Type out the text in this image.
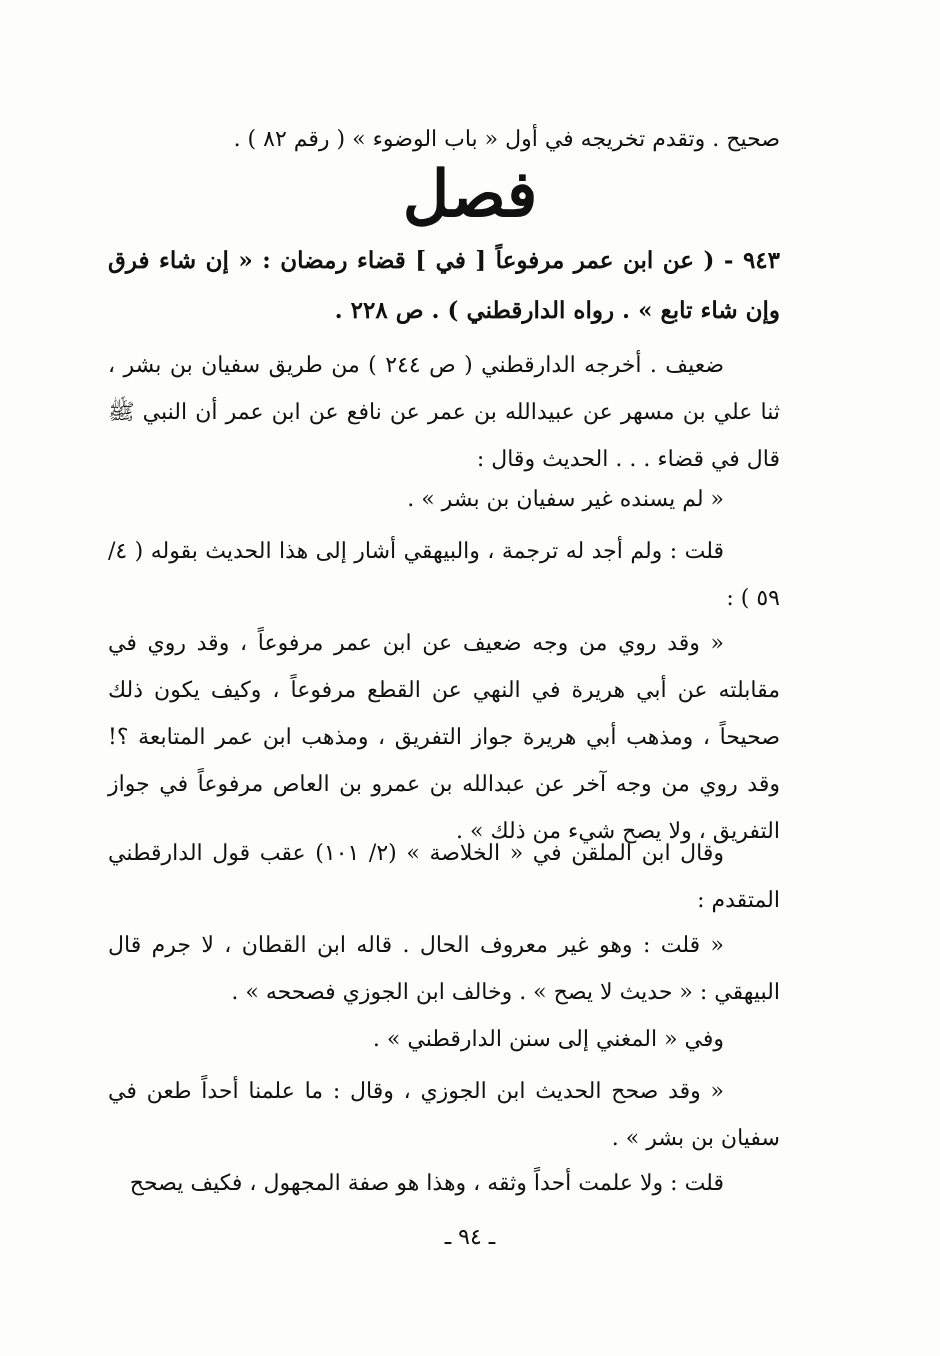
صحيح . وتقدم تخريجه في أول « باب الوضوء » ( رقم ٨٢ ) .

فصل

٩٤٣ - ( عن ابن عمر مرفوعاً [ في ] قضاء رمضان : « إن شاء فرق وإن شاء تابع » . رواه الدارقطني ) . ص ٢٢٨ .

ضعيف . أخرجه الدارقطني ( ص ٢٤٤ ) من طريق سفيان بن بشر ، ثنا علي بن مسهر عن عبيدالله بن عمر عن نافع عن ابن عمر أن النبي ﷺ قال في قضاء . . . الحديث وقال :

« لم يسنده غير سفيان بن بشر » .

قلت : ولم أجد له ترجمة ، والبيهقي أشار إلى هذا الحديث بقوله ( ٤/ ٥٩ ) :

« وقد روي من وجه ضعيف عن ابن عمر مرفوعاً ، وقد روي في مقابلته عن أبي هريرة في النهي عن القطع مرفوعاً ، وكيف يكون ذلك صحيحاً ، ومذهب أبي هريرة جواز التفريق ، ومذهب ابن عمر المتابعة ؟! وقد روي من وجه آخر عن عبدالله بن عمرو بن العاص مرفوعاً في جواز التفريق ، ولا يصح شيء من ذلك » .

وقال ابن الملقن في « الخلاصة » (٢/ ١٠١) عقب قول الدارقطني المتقدم :

« قلت : وهو غير معروف الحال . قاله ابن القطان ، لا جرم قال البيهقي : « حديث لا يصح » . وخالف ابن الجوزي فصححه » .

وفي « المغني إلى سنن الدارقطني » .

« وقد صحح الحديث ابن الجوزي ، وقال : ما علمنا أحداً طعن في سفيان بن بشر » .

قلت : ولا علمت أحداً وثقه ، وهذا هو صفة المجهول ، فكيف يصحح

ـ ٩٤ ـ
